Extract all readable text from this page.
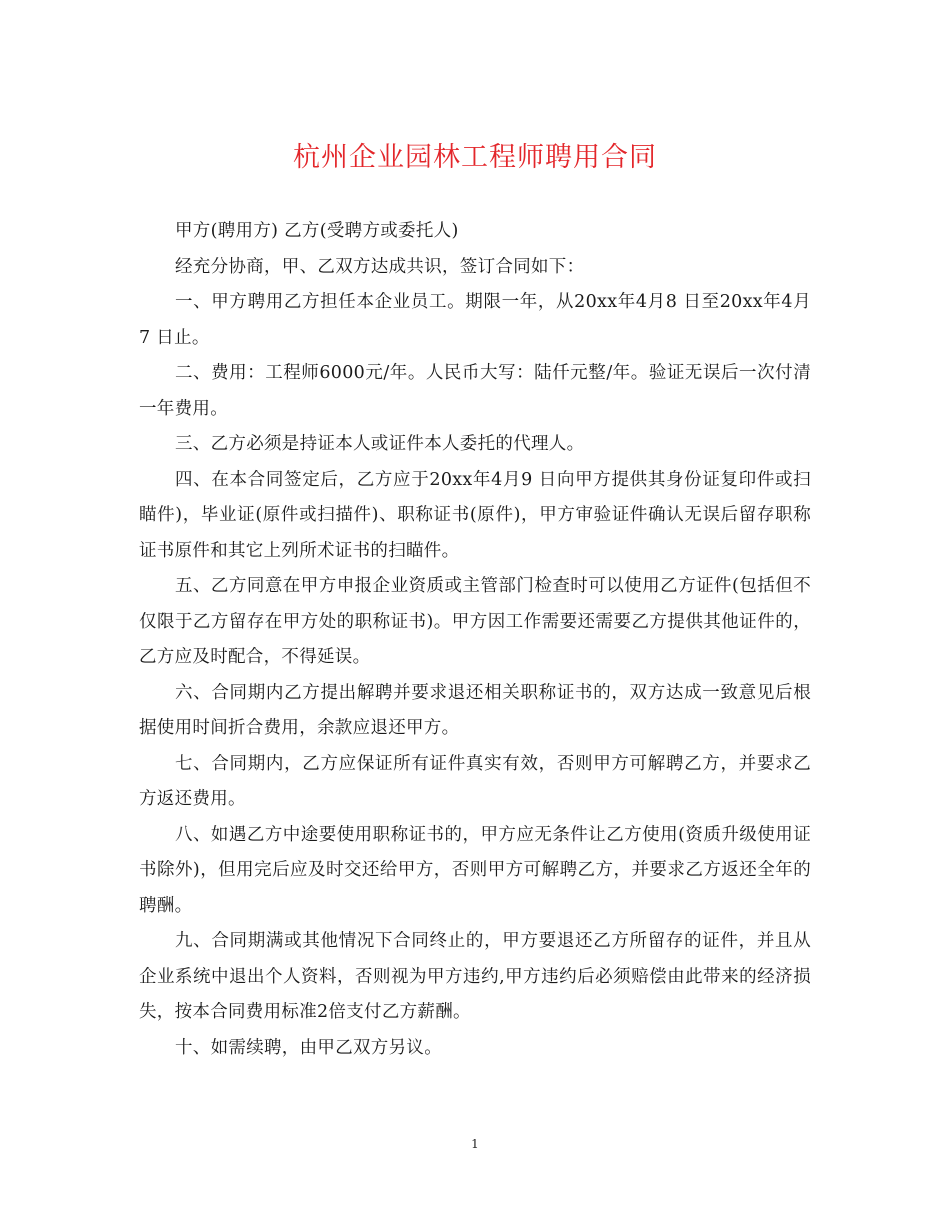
杭州企业园林工程师聘用合同

甲方(聘用方) 乙方(受聘方或委托人)

经充分协商，甲、乙双方达成共识，签订合同如下：

一、甲方聘用乙方担任本企业员工。期限一年，从20xx年4月8 日至20xx年4月7 日止。

二、费用：工程师6000元/年。人民币大写：陆仟元整/年。验证无误后一次付清一年费用。

三、乙方必须是持证本人或证件本人委托的代理人。

四、在本合同签定后，乙方应于20xx年4月9 日向甲方提供其身份证复印件或扫瞄件)，毕业证(原件或扫描件)、职称证书(原件)，甲方审验证件确认无误后留存职称证书原件和其它上列所术证书的扫瞄件。

五、乙方同意在甲方申报企业资质或主管部门检查时可以使用乙方证件(包括但不仅限于乙方留存在甲方处的职称证书)。甲方因工作需要还需要乙方提供其他证件的，乙方应及时配合，不得延误。

六、合同期内乙方提出解聘并要求退还相关职称证书的，双方达成一致意见后根据使用时间折合费用，余款应退还甲方。

七、合同期内，乙方应保证所有证件真实有效，否则甲方可解聘乙方，并要求乙方返还费用。

八、如遇乙方中途要使用职称证书的，甲方应无条件让乙方使用(资质升级使用证书除外)，但用完后应及时交还给甲方，否则甲方可解聘乙方，并要求乙方返还全年的聘酬。

九、合同期满或其他情况下合同终止的，甲方要退还乙方所留存的证件，并且从企业系统中退出个人资料，否则视为甲方违约,甲方违约后必须赔偿由此带来的经济损失，按本合同费用标准2倍支付乙方薪酬。

十、如需续聘，由甲乙双方另议。

1
